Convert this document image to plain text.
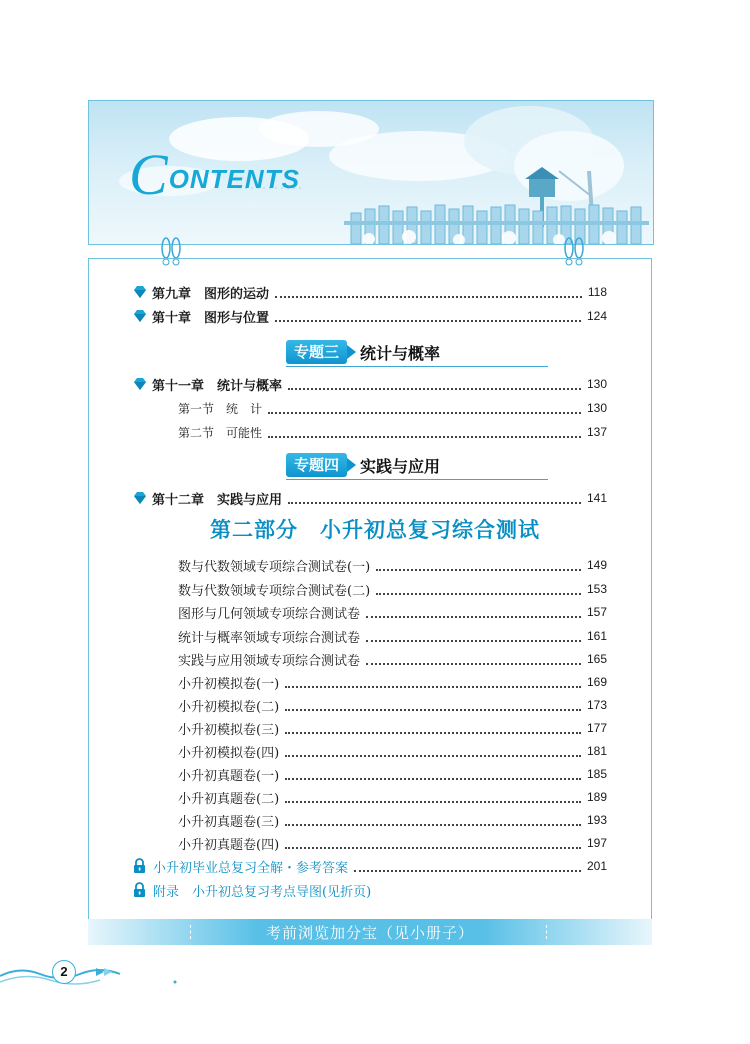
CONTENTS
第九章　图形的运动	118
第十章　图形与位置	124
专题三	统计与概率
第十一章　统计与概率	130
第一节　统　计	130
第二节　可能性	137
专题四	实践与应用
第十二章　实践与应用	141
第二部分　小升初总复习综合测试
数与代数领域专项综合测试卷(一)	149
数与代数领域专项综合测试卷(二)	153
图形与几何领域专项综合测试卷	157
统计与概率领域专项综合测试卷	161
实践与应用领域专项综合测试卷	165
小升初模拟卷(一)	169
小升初模拟卷(二)	173
小升初模拟卷(三)	177
小升初模拟卷(四)	181
小升初真题卷(一)	185
小升初真题卷(二)	189
小升初真题卷(三)	193
小升初真题卷(四)	197
小升初毕业总复习全解・参考答案	201
附录　小升初总复习考点导图(见折页)
考前浏览加分宝（见小册子）
2
